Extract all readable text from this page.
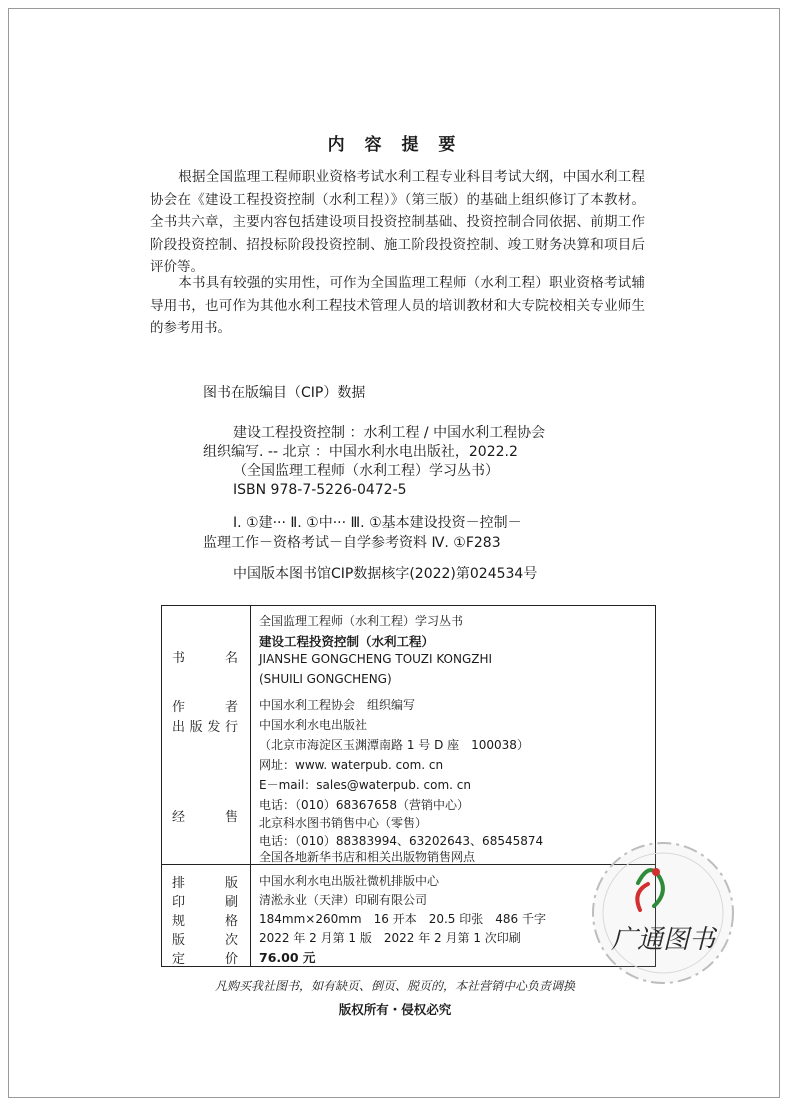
内 容 提 要
根据全国监理工程师职业资格考试水利工程专业科目考试大纲，中国水利工程协会在《建设工程投资控制（水利工程）》（第三版）的基础上组织修订了本教材。全书共六章，主要内容包括建设项目投资控制基础、投资控制合同依据、前期工作阶段投资控制、招投标阶段投资控制、施工阶段投资控制、竣工财务决算和项目后评价等。
本书具有较强的实用性，可作为全国监理工程师（水利工程）职业资格考试辅导用书，也可作为其他水利工程技术管理人员的培训教材和大专院校相关专业师生的参考用书。
图书在版编目（CIP）数据
建设工程投资控制 ：水利工程 / 中国水利工程协会
组织编写. -- 北京 ：中国水利水电出版社，2022.2
（全国监理工程师（水利工程）学习丛书）
ISBN 978-7-5226-0472-5
Ⅰ. ①建··· Ⅱ. ①中··· Ⅲ. ①基本建设投资－控制－
监理工作－资格考试－自学参考资料 Ⅳ. ①F283
中国版本图书馆CIP数据核字(2022)第024534号
书　　名
作　　者
出版发行
经　　售
排　　版
印　　刷
规　　格
版　　次
定　　价
全国监理工程师（水利工程）学习丛书
建设工程投资控制（水利工程）
JIANSHE GONGCHENG TOUZI KONGZHI
(SHUILI GONGCHENG)
中国水利工程协会　组织编写
中国水利水电出版社
（北京市海淀区玉渊潭南路 1 号 D 座　100038）
网址：www. waterpub. com. cn
E－mail：sales@waterpub. com. cn
电话：（010）68367658（营销中心）
北京科水图书销售中心（零售）
电话：（010）88383994、63202643、68545874
全国各地新华书店和相关出版物销售网点
中国水利水电出版社微机排版中心
清淞永业（天津）印刷有限公司
184mm×260mm　16 开本　20.5 印张　486 千字
2022 年 2 月第 1 版　2022 年 2 月第 1 次印刷
76.00 元
广通图书
凡购买我社图书，如有缺页、倒页、脱页的，本社营销中心负责调换
版权所有・侵权必究
